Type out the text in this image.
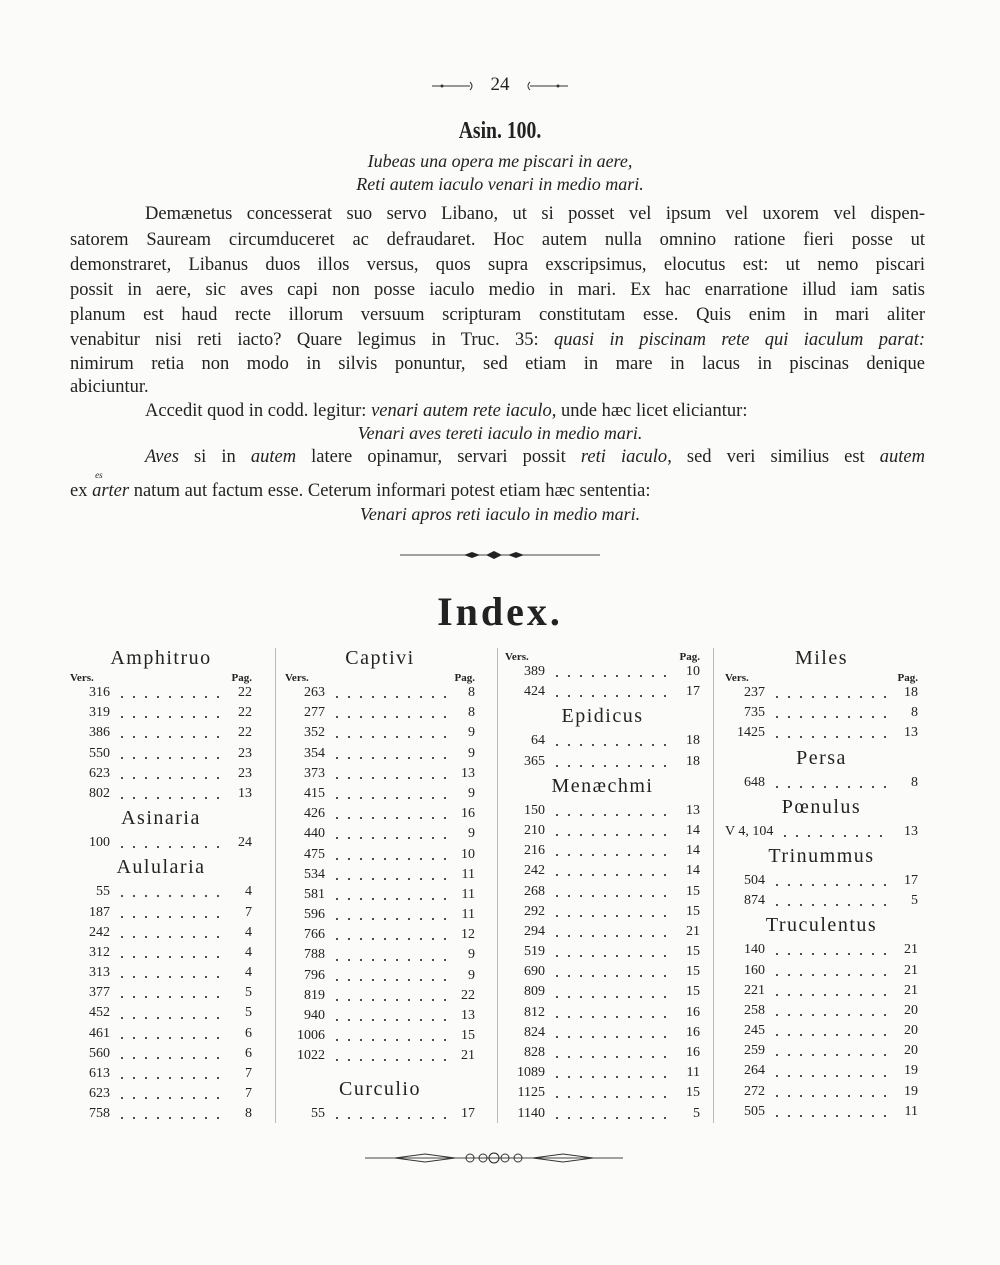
24
Asin. 100.
Iubeas una opera me piscari in aere,
Reti autem iaculo venari in medio mari.
Demænetus concesserat suo servo Libano, ut si posset vel ipsum vel uxorem vel dispen-
satorem Sauream circumduceret ac defraudaret. Hoc autem nulla omnino ratione fieri posse ut
demonstraret, Libanus duos illos versus, quos supra exscripsimus, elocutus est: ut nemo piscari
possit in aere, sic aves capi non posse iaculo medio in mari. Ex hac enarratione illud iam satis
planum est haud recte illorum versuum scripturam constitutam esse. Quis enim in mari aliter
venabitur nisi reti iacto? Quare legimus in Truc. 35: quasi in piscinam rete qui iaculum parat:
nimirum retia non modo in silvis ponuntur, sed etiam in mare in lacus in piscinas denique
abiciuntur.
Accedit quod in codd. legitur: venari autem rete iaculo, unde hæc licet eliciantur:
Venari aves tereti iaculo in medio mari.
Aves si in autem latere opinamur, servari possit reti iaculo, sed veri similius est autem
ex
es
arter natum aut factum esse. Ceterum informari potest etiam hæc sententia:
Venari apros reti iaculo in medio mari.
Index.
Amphitruo
Vers.	Pag.
316	22
319	22
386	22
550	23
623	23
802	13
Asinaria
100	24
Aulularia
55	4
187	7
242	4
312	4
313	4
377	5
452	5
461	6
560	6
613	7
623	7
758	8
Captivi
Vers.	Pag.
263	8
277	8
352	9
354	9
373	13
415	9
426	16
440	9
475	10
534	11
581	11
596	11
766	12
788	9
796	9
819	22
940	13
1006	15
1022	21
Curculio
55	17
Vers.	Pag.
389	10
424	17
Epidicus
64	18
365	18
Menæchmi
150	13
210	14
216	14
242	14
268	15
292	15
294	21
519	15
690	15
809	15
812	16
824	16
828	16
1089	11
1125	15
1140	5
Miles
Vers.	Pag.
237	18
735	8
1425	13
Persa
648	8
Pœnulus
V 4, 104	13
Trinummus
504	17
874	5
Truculentus
140	21
160	21
221	21
258	20
245	20
259	20
264	19
272	19
505	11
